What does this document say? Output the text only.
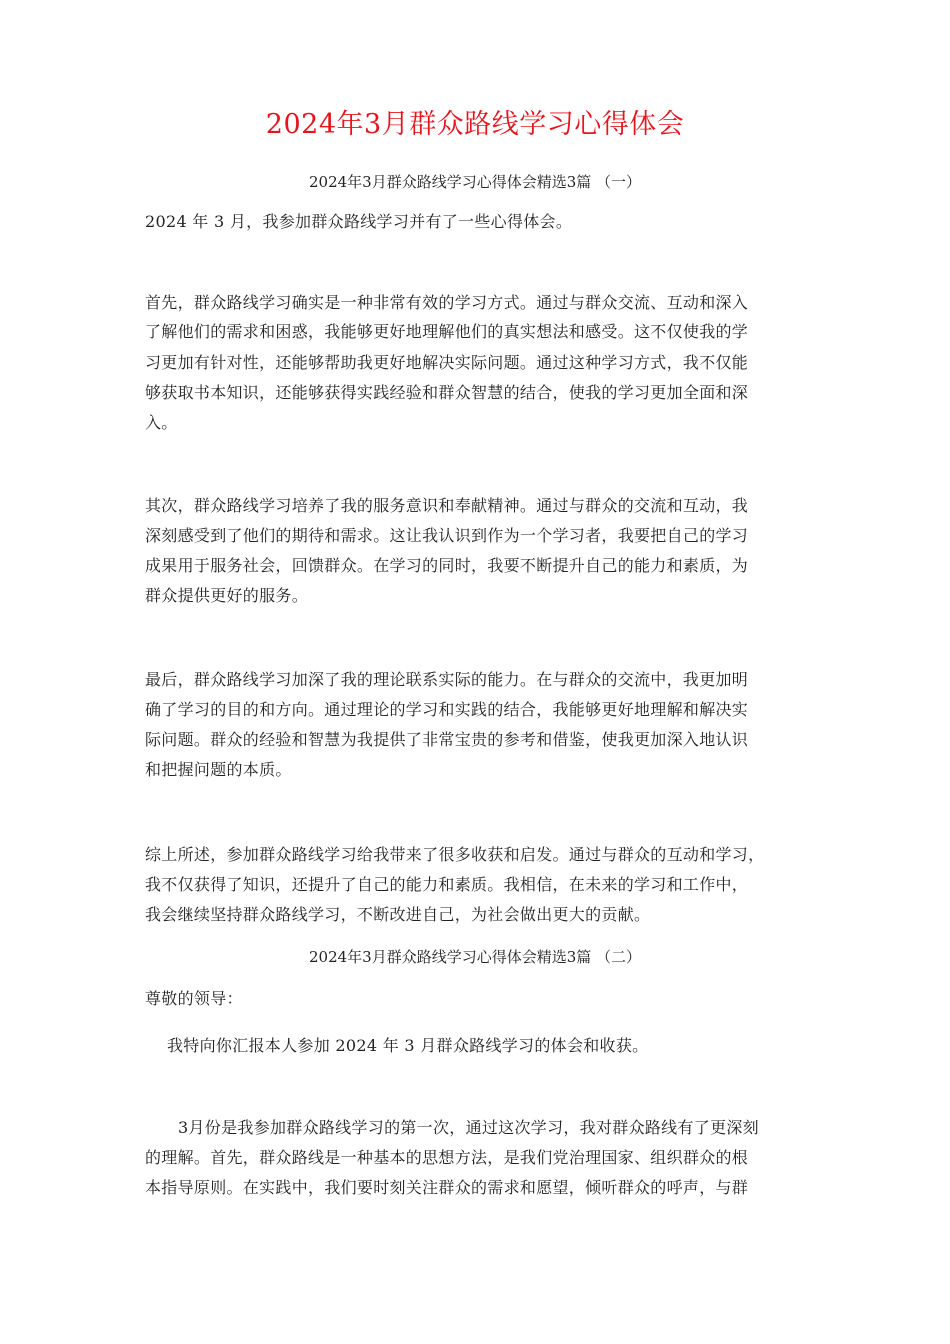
2024年3月群众路线学习心得体会
2024年3月群众路线学习心得体会精选3篇 （一）
2024 年 3 月，我参加群众路线学习并有了一些心得体会。
首先，群众路线学习确实是一种非常有效的学习方式。通过与群众交流、互动和深入
了解他们的需求和困惑，我能够更好地理解他们的真实想法和感受。这不仅使我的学
习更加有针对性，还能够帮助我更好地解决实际问题。通过这种学习方式，我不仅能
够获取书本知识，还能够获得实践经验和群众智慧的结合，使我的学习更加全面和深
入。
其次，群众路线学习培养了我的服务意识和奉献精神。通过与群众的交流和互动，我
深刻感受到了他们的期待和需求。这让我认识到作为一个学习者，我要把自己的学习
成果用于服务社会，回馈群众。在学习的同时，我要不断提升自己的能力和素质，为
群众提供更好的服务。
最后，群众路线学习加深了我的理论联系实际的能力。在与群众的交流中，我更加明
确了学习的目的和方向。通过理论的学习和实践的结合，我能够更好地理解和解决实
际问题。群众的经验和智慧为我提供了非常宝贵的参考和借鉴，使我更加深入地认识
和把握问题的本质。
综上所述，参加群众路线学习给我带来了很多收获和启发。通过与群众的互动和学习，
我不仅获得了知识，还提升了自己的能力和素质。我相信，在未来的学习和工作中，
我会继续坚持群众路线学习，不断改进自己，为社会做出更大的贡献。
2024年3月群众路线学习心得体会精选3篇 （二）
尊敬的领导：
我特向你汇报本人参加 2024 年 3 月群众路线学习的体会和收获。
3月份是我参加群众路线学习的第一次，通过这次学习，我对群众路线有了更深刻
的理解。首先，群众路线是一种基本的思想方法，是我们党治理国家、组织群众的根
本指导原则。在实践中，我们要时刻关注群众的需求和愿望，倾听群众的呼声，与群
